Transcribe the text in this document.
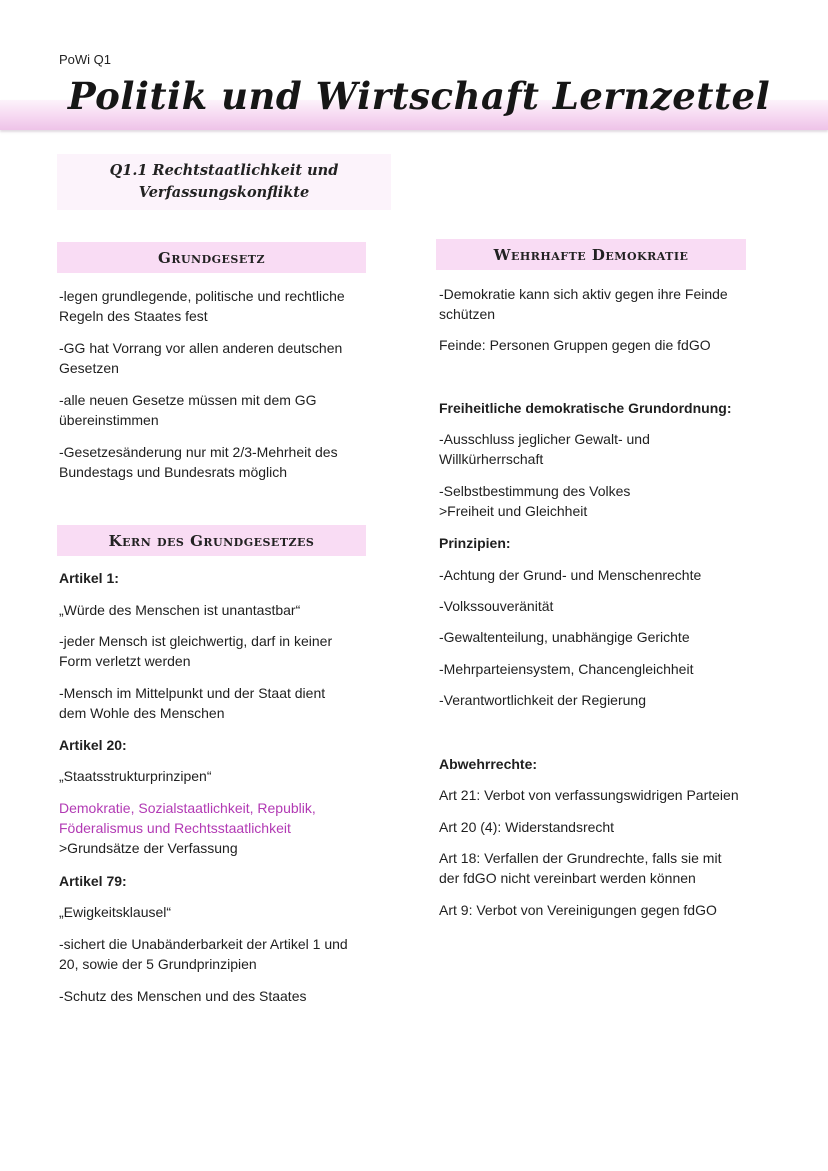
PoWi Q1
Politik und Wirtschaft Lernzettel
Q1.1 Rechtstaatlichkeit und
Verfassungskonflikte
Grundgesetz

-legen grundlegende, politische und rechtliche
Regeln des Staates fest

-GG hat Vorrang vor allen anderen deutschen
Gesetzen

-alle neuen Gesetze müssen mit dem GG
übereinstimmen

-Gesetzesänderung nur mit 2/3-Mehrheit des
Bundestags und Bundesrats möglich

Kern des Grundgesetzes

Artikel 1:

„Würde des Menschen ist unantastbar“

-jeder Mensch ist gleichwertig, darf in keiner
Form verletzt werden

-Mensch im Mittelpunkt und der Staat dient
dem Wohle des Menschen

Artikel 20:

„Staatsstrukturprinzipen“

Demokratie, Sozialstaatlichkeit, Republik,
Föderalismus und Rechtsstaatlichkeit
>Grundsätze der Verfassung

Artikel 79:

„Ewigkeitsklausel“

-sichert die Unabänderbarkeit der Artikel 1 und
20, sowie der 5 Grundprinzipien

-Schutz des Menschen und des Staates

Wehrhafte Demokratie

-Demokratie kann sich aktiv gegen ihre Feinde
schützen

Feinde: Personen Gruppen gegen die fdGO

Freiheitliche demokratische Grundordnung:

-Ausschluss jeglicher Gewalt- und
Willkürherrschaft

-Selbstbestimmung des Volkes
>Freiheit und Gleichheit

Prinzipien:

-Achtung der Grund- und Menschenrechte

-Volkssouveränität

-Gewaltenteilung, unabhängige Gerichte

-Mehrparteiensystem, Chancengleichheit

-Verantwortlichkeit der Regierung

Abwehrrechte:

Art 21: Verbot von verfassungswidrigen Parteien

Art 20 (4): Widerstandsrecht

Art 18: Verfallen der Grundrechte, falls sie mit
der fdGO nicht vereinbart werden können

Art 9: Verbot von Vereinigungen gegen fdGO
